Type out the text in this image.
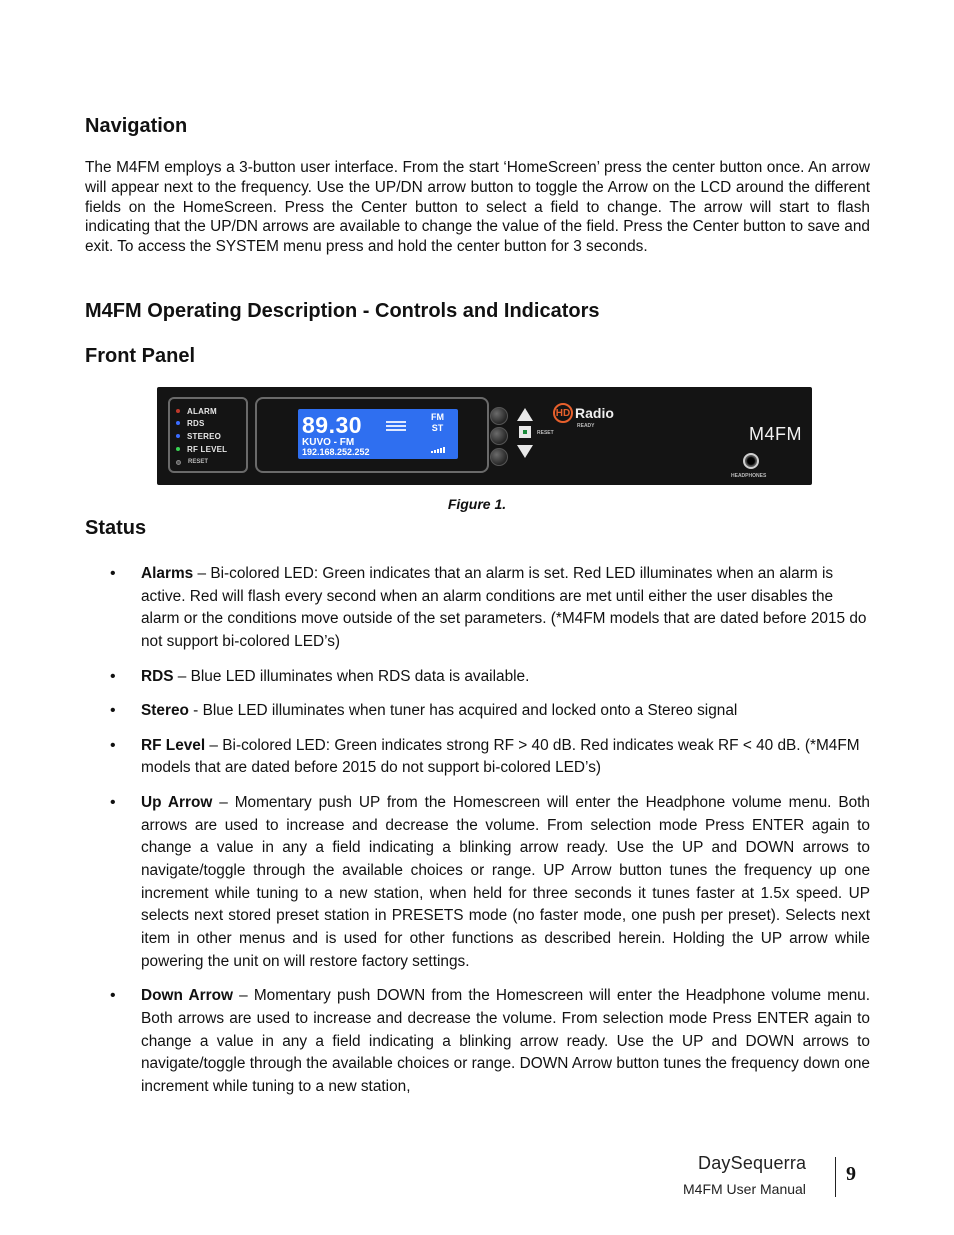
Navigation

The M4FM employs a 3-button user interface. From the start ‘HomeScreen’ press the center button once. An arrow will appear next to the frequency. Use the UP/DN arrow button to toggle the Arrow on the LCD around the different fields on the HomeScreen. Press the Center button to select a field to change. The arrow will start to flash indicating that the UP/DN arrows are available to change the value of the field. Press the Center button to save and exit. To access the SYSTEM menu press and hold the center button for 3 seconds.

M4FM Operating Description - Controls and Indicators
Front Panel
ALARM
RDS
STEREO
RF LEVEL
RESET
89.30	FM
ST
KUVO - FM
192.168.252.252
RESET
HD Radio
READY	M4FM
HEADPHONES
Figure 1.
Status
• Alarms – Bi-colored LED: Green indicates that an alarm is set. Red LED illuminates when an alarm is active. Red will flash every second when an alarm conditions are met until either the user disables the alarm or the conditions move outside of the set parameters. (*M4FM models that are dated before 2015 do not support bi-colored LED’s)
• RDS – Blue LED illuminates when RDS data is available.
• Stereo - Blue LED illuminates when tuner has acquired and locked onto a Stereo signal
• RF Level – Bi-colored LED: Green indicates strong RF > 40 dB. Red indicates weak RF < 40 dB. (*M4FM models that are dated before 2015 do not support bi-colored LED’s)
• Up Arrow – Momentary push UP from the Homescreen will enter the Headphone volume menu. Both arrows are used to increase and decrease the volume. From selection mode Press ENTER again to change a value in any a field indicating a blinking arrow ready. Use the UP and DOWN arrows to navigate/toggle through the available choices or range. UP Arrow button tunes the frequency up one increment while tuning to a new station, when held for three seconds it tunes faster at 1.5x speed. UP selects next stored preset station in PRESETS mode (no faster mode, one push per preset). Selects next item in other menus and is used for other functions as described herein. Holding the UP arrow while powering the unit on will restore factory settings.
• Down Arrow – Momentary push DOWN from the Homescreen will enter the Headphone volume menu. Both arrows are used to increase and decrease the volume. From selection mode Press ENTER again to change a value in any a field indicating a blinking arrow ready. Use the UP and DOWN arrows to navigate/toggle through the available choices or range. DOWN Arrow button tunes the frequency down one increment while tuning to a new station,
DaySequerra
M4FM User Manual
9
